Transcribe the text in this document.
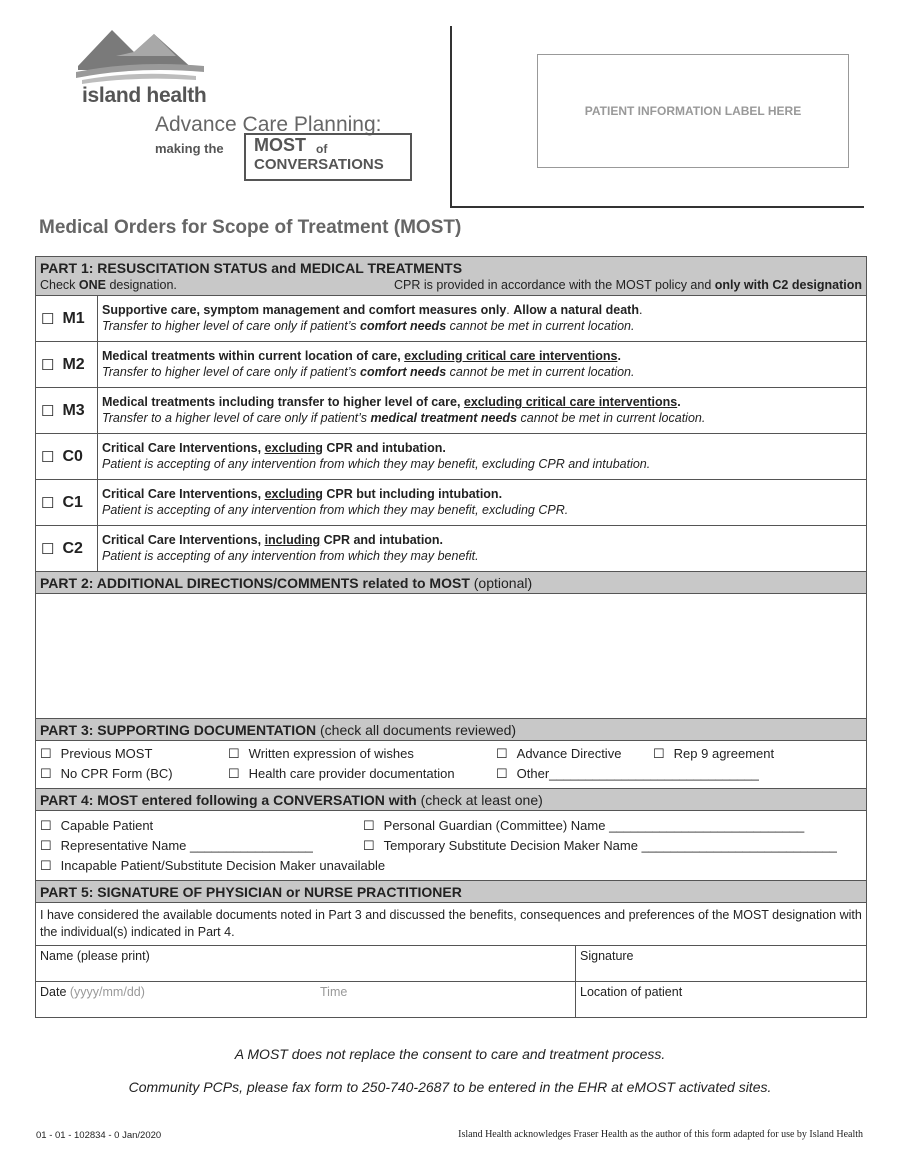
island health
Advance Care Planning:
making the MOST of
CONVERSATIONS
PATIENT INFORMATION LABEL HERE
Medical Orders for Scope of Treatment (MOST)
PART 1: RESUSCITATION STATUS and MEDICAL TREATMENTS
Check ONE designation.	CPR is provided in accordance with the MOST policy and only with C2 designation
☐ M1 Supportive care, symptom management and comfort measures only. Allow a natural death.
Transfer to higher level of care only if patient’s comfort needs cannot be met in current location.
☐ M2 Medical treatments within current location of care, excluding critical care interventions.
Transfer to higher level of care only if patient’s comfort needs cannot be met in current location.
☐ M3 Medical treatments including transfer to higher level of care, excluding critical care interventions.
Transfer to a higher level of care only if patient’s medical treatment needs cannot be met in current location.
☐ C0 Critical Care Interventions, excluding CPR and intubation.
Patient is accepting of any intervention from which they may benefit, excluding CPR and intubation.
☐ C1 Critical Care Interventions, excluding CPR but including intubation.
Patient is accepting of any intervention from which they may benefit, excluding CPR.
☐ C2 Critical Care Interventions, including CPR and intubation.
Patient is accepting of any intervention from which they may benefit.
PART 2: ADDITIONAL DIRECTIONS/COMMENTS related to MOST (optional)
PART 3: SUPPORTING DOCUMENTATION (check all documents reviewed)
☐ Previous MOST	☐ Written expression of wishes	☐ Advance Directive ☐ Rep 9 agreement
☐ No CPR Form (BC)	☐ Health care provider documentation	☐ Other_____________________________
PART 4: MOST entered following a CONVERSATION with (check at least one)
☐ Capable Patient	☐ Personal Guardian (Committee) Name ___________________________
☐ Representative Name _________________	☐ Temporary Substitute Decision Maker Name ___________________________
☐ Incapable Patient/Substitute Decision Maker unavailable
PART 5: SIGNATURE OF PHYSICIAN or NURSE PRACTITIONER
I have considered the available documents noted in Part 3 and discussed the benefits, consequences and preferences of the MOST designation with the individual(s) indicated in Part 4.
Name (please print)	Signature
Date (yyyy/mm/dd)	Time	Location of patient
A MOST does not replace the consent to care and treatment process.
Community PCPs, please fax form to 250-740-2687 to be entered in the EHR at eMOST activated sites.
01 - 01 - 102834 - 0 Jan/2020	Island Health acknowledges Fraser Health as the author of this form adapted for use by Island Health
